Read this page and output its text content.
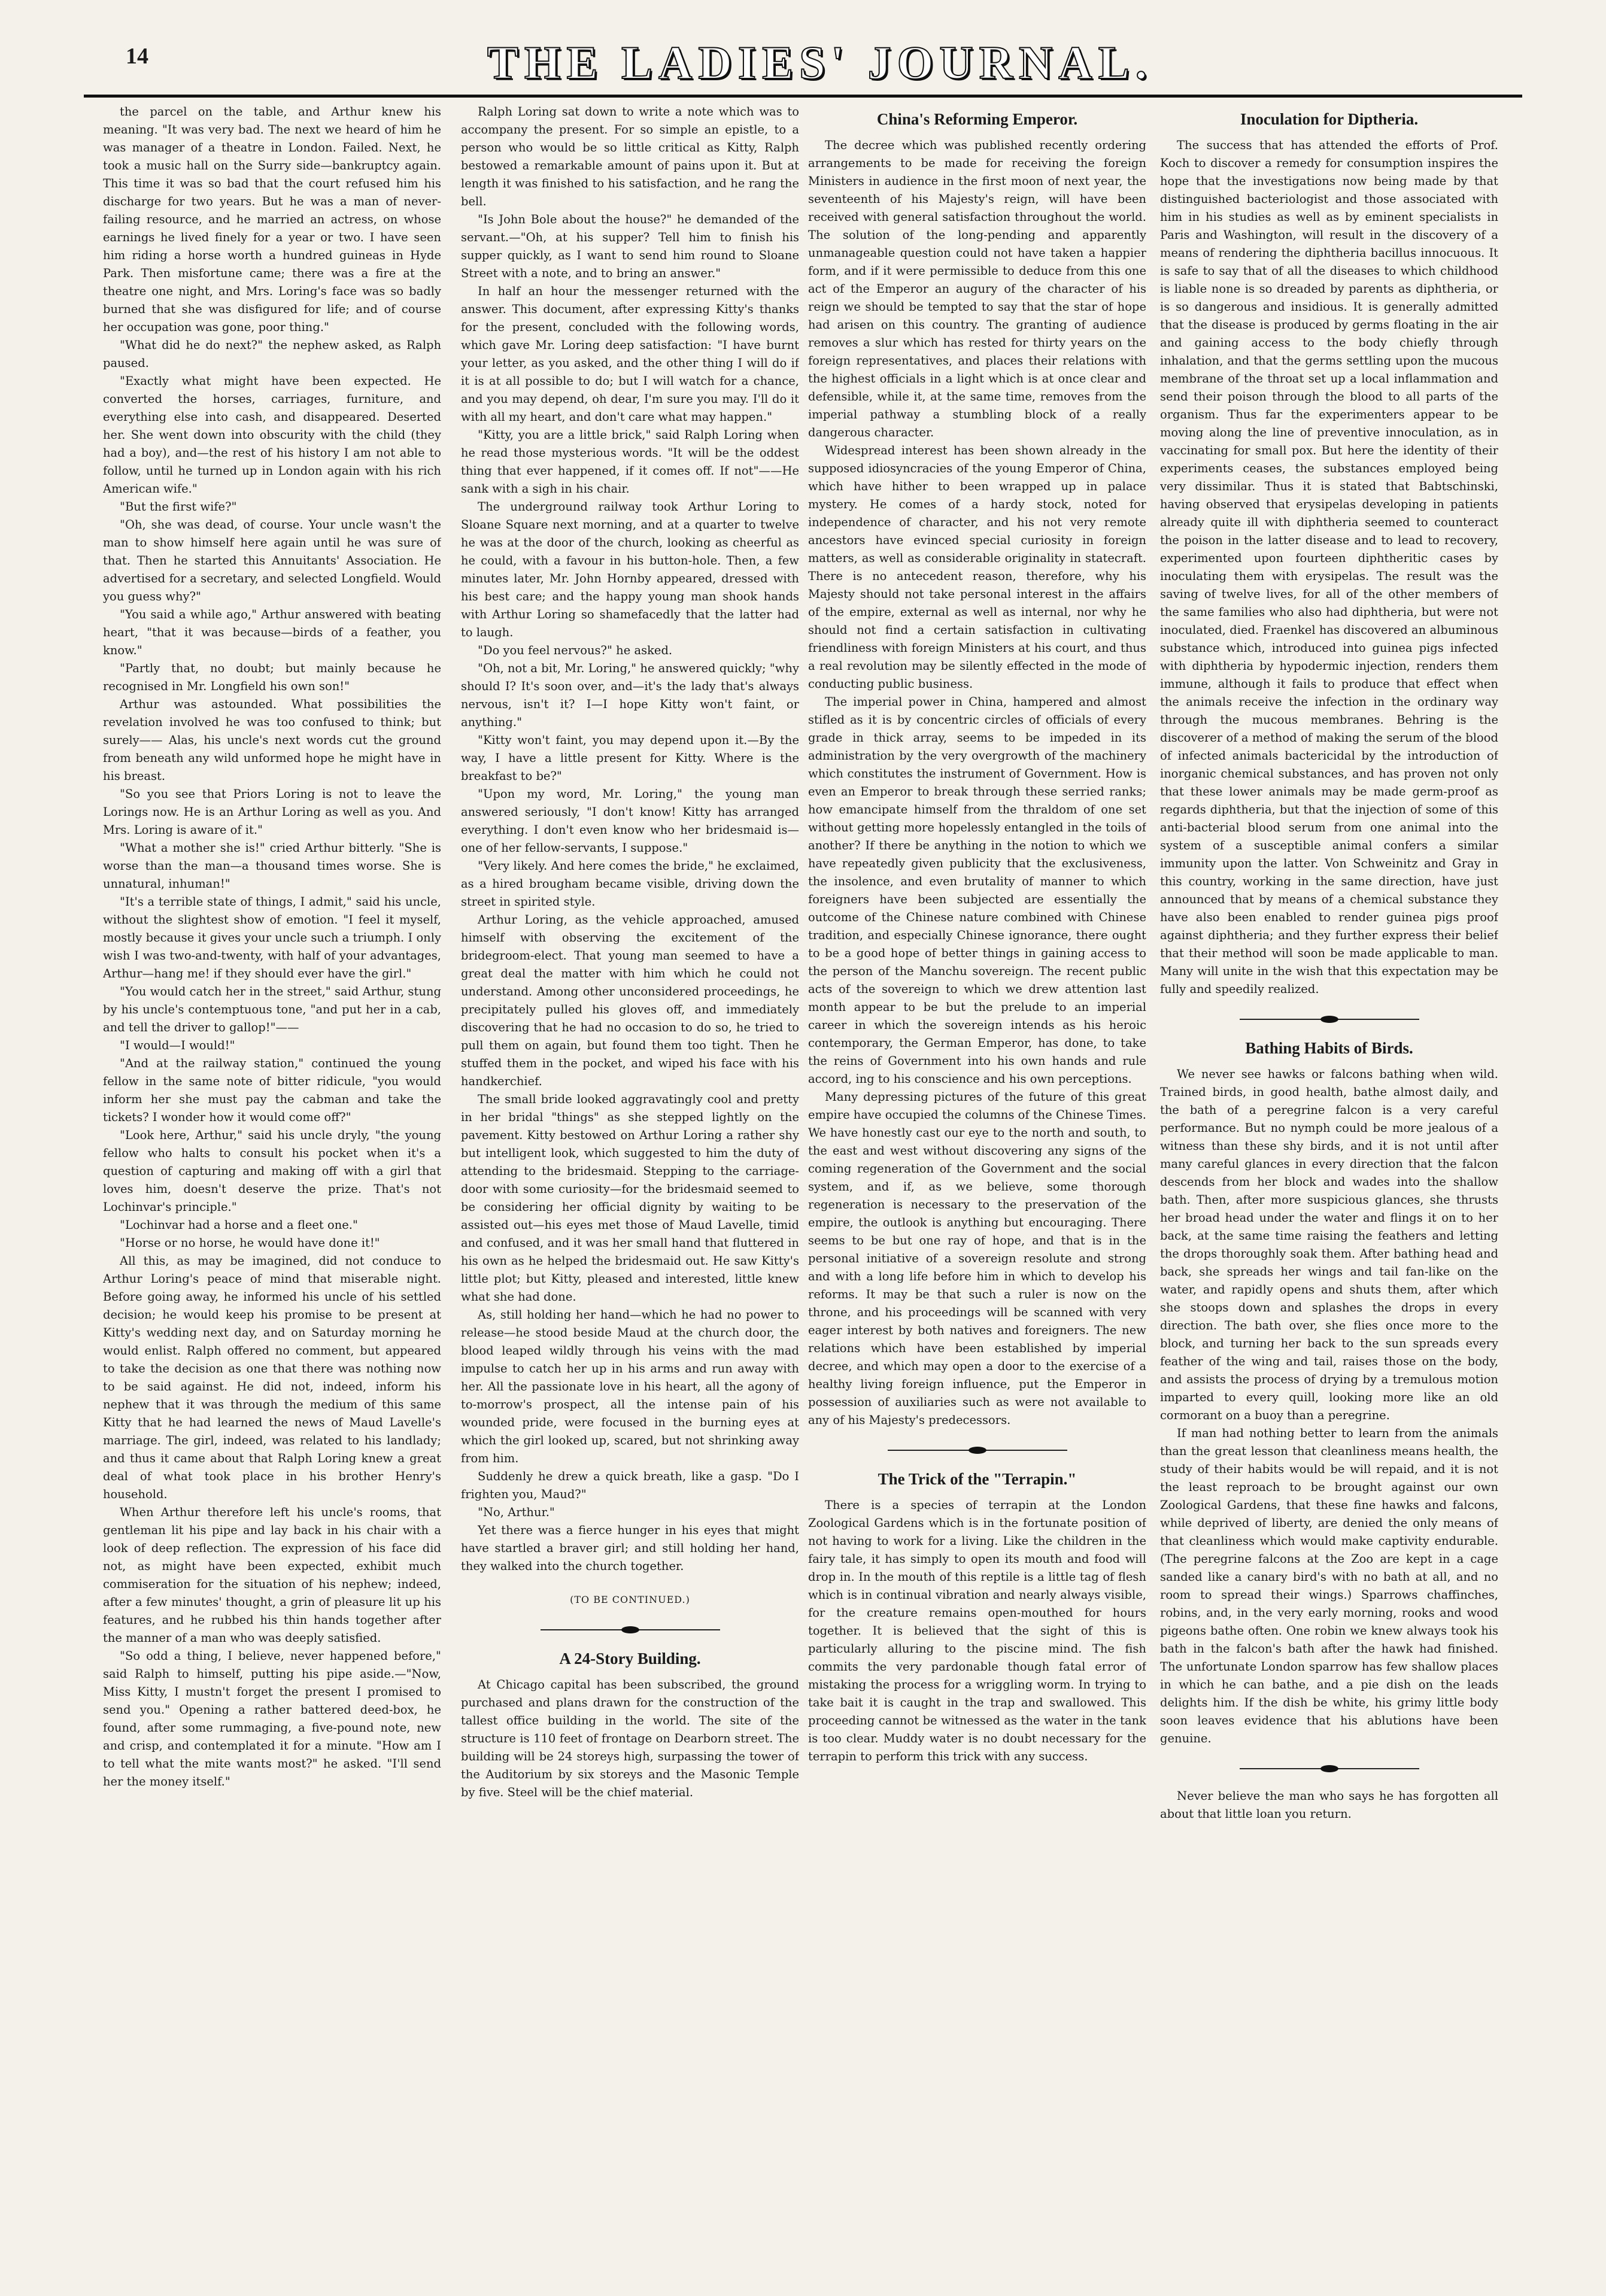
14	THE LADIES' JOURNAL.

the parcel on the table, and Arthur knew his meaning. "It was very bad. The next we heard of him he was manager of a theatre in London. Failed. Next, he took a music hall on the Surry side—bankruptcy again. This time it was so bad that the court refused him his discharge for two years. But he was a man of never-failing resource, and he married an actress, on whose earnings he lived finely for a year or two. I have seen him riding a horse worth a hundred guineas in Hyde Park. Then misfortune came; there was a fire at the theatre one night, and Mrs. Loring's face was so badly burned that she was disfigured for life; and of course her occupation was gone, poor thing."

"What did he do next?" the nephew asked, as Ralph paused.

"Exactly what might have been expected. He converted the horses, carriages, furniture, and everything else into cash, and disappeared. Deserted her. She went down into obscurity with the child (they had a boy), and—the rest of his history I am not able to follow, until he turned up in London again with his rich American wife."

"But the first wife?"

"Oh, she was dead, of course. Your uncle wasn't the man to show himself here again until he was sure of that. Then he started this Annuitants' Association. He advertised for a secretary, and selected Longfield. Would you guess why?"

"You said a while ago," Arthur answered with beating heart, "that it was because—birds of a feather, you know."

"Partly that, no doubt; but mainly because he recognised in Mr. Longfield his own son!"

Arthur was astounded. What possibilities the revelation involved he was too confused to think; but surely—— Alas, his uncle's next words cut the ground from beneath any wild unformed hope he might have in his breast.

"So you see that Priors Loring is not to leave the Lorings now. He is an Arthur Loring as well as you. And Mrs. Loring is aware of it."

"What a mother she is!" cried Arthur bitterly. "She is worse than the man—a thousand times worse. She is unnatural, inhuman!"

"It's a terrible state of things, I admit," said his uncle, without the slightest show of emotion. "I feel it myself, mostly because it gives your uncle such a triumph. I only wish I was two-and-twenty, with half of your advantages, Arthur—hang me! if they should ever have the girl."

"You would catch her in the street," said Arthur, stung by his uncle's contemptuous tone, "and put her in a cab, and tell the driver to gallop!"——

"I would—I would!"

"And at the railway station," continued the young fellow in the same note of bitter ridicule, "you would inform her she must pay the cabman and take the tickets? I wonder how it would come off?"

"Look here, Arthur," said his uncle dryly, "the young fellow who halts to consult his pocket when it's a question of capturing and making off with a girl that loves him, doesn't deserve the prize. That's not Lochinvar's principle."

"Lochinvar had a horse and a fleet one."

"Horse or no horse, he would have done it!"

All this, as may be imagined, did not conduce to Arthur Loring's peace of mind that miserable night. Before going away, he informed his uncle of his settled decision; he would keep his promise to be present at Kitty's wedding next day, and on Saturday morning he would enlist. Ralph offered no comment, but appeared to take the decision as one that there was nothing now to be said against. He did not, indeed, inform his nephew that it was through the medium of this same Kitty that he had learned the news of Maud Lavelle's marriage. The girl, indeed, was related to his landlady; and thus it came about that Ralph Loring knew a great deal of what took place in his brother Henry's household.

When Arthur therefore left his uncle's rooms, that gentleman lit his pipe and lay back in his chair with a look of deep reflection. The expression of his face did not, as might have been expected, exhibit much commiseration for the situation of his nephew; indeed, after a few minutes' thought, a grin of pleasure lit up his features, and he rubbed his thin hands together after the manner of a man who was deeply satisfied.

"So odd a thing, I believe, never happened before," said Ralph to himself, putting his pipe aside.—"Now, Miss Kitty, I mustn't forget the present I promised to send you." Opening a rather battered deed-box, he found, after some rummaging, a five-pound note, new and crisp, and contemplated it for a minute. "How am I to tell what the mite wants most?" he asked. "I'll send her the money itself."

Ralph Loring sat down to write a note which was to accompany the present. For so simple an epistle, to a person who would be so little critical as Kitty, Ralph bestowed a remarkable amount of pains upon it. But at length it was finished to his satisfaction, and he rang the bell.

"Is John Bole about the house?" he demanded of the servant.—"Oh, at his supper? Tell him to finish his supper quickly, as I want to send him round to Sloane Street with a note, and to bring an answer."

In half an hour the messenger returned with the answer. This document, after expressing Kitty's thanks for the present, concluded with the following words, which gave Mr. Loring deep satisfaction: "I have burnt your letter, as you asked, and the other thing I will do if it is at all possible to do; but I will watch for a chance, and you may depend, oh dear, I'm sure you may. I'll do it with all my heart, and don't care what may happen."

"Kitty, you are a little brick," said Ralph Loring when he read those mysterious words. "It will be the oddest thing that ever happened, if it comes off. If not"——He sank with a sigh in his chair.

The underground railway took Arthur Loring to Sloane Square next morning, and at a quarter to twelve he was at the door of the church, looking as cheerful as he could, with a favour in his button-hole. Then, a few minutes later, Mr. John Hornby appeared, dressed with his best care; and the happy young man shook hands with Arthur Loring so shamefacedly that the latter had to laugh.

"Do you feel nervous?" he asked.

"Oh, not a bit, Mr. Loring," he answered quickly; "why should I? It's soon over, and—it's the lady that's always nervous, isn't it? I—I hope Kitty won't faint, or anything."

"Kitty won't faint, you may depend upon it.—By the way, I have a little present for Kitty. Where is the breakfast to be?"

"Upon my word, Mr. Loring," the young man answered seriously, "I don't know! Kitty has arranged everything. I don't even know who her bridesmaid is—one of her fellow-servants, I suppose."

"Very likely. And here comes the bride," he exclaimed, as a hired brougham became visible, driving down the street in spirited style.

Arthur Loring, as the vehicle approached, amused himself with observing the excitement of the bridegroom-elect. That young man seemed to have a great deal the matter with him which he could not understand. Among other unconsidered proceedings, he precipitately pulled his gloves off, and immediately discovering that he had no occasion to do so, he tried to pull them on again, but found them too tight. Then he stuffed them in the pocket, and wiped his face with his handkerchief.

The small bride looked aggravatingly cool and pretty in her bridal "things" as she stepped lightly on the pavement. Kitty bestowed on Arthur Loring a rather shy but intelligent look, which suggested to him the duty of attending to the bridesmaid. Stepping to the carriage-door with some curiosity—for the bridesmaid seemed to be considering her official dignity by waiting to be assisted out—his eyes met those of Maud Lavelle, timid and confused, and it was her small hand that fluttered in his own as he helped the bridesmaid out. He saw Kitty's little plot; but Kitty, pleased and interested, little knew what she had done.

As, still holding her hand—which he had no power to release—he stood beside Maud at the church door, the blood leaped wildly through his veins with the mad impulse to catch her up in his arms and run away with her. All the passionate love in his heart, all the agony of to-morrow's prospect, all the intense pain of his wounded pride, were focused in the burning eyes at which the girl looked up, scared, but not shrinking away from him.

Suddenly he drew a quick breath, like a gasp. "Do I frighten you, Maud?"

"No, Arthur."

Yet there was a fierce hunger in his eyes that might have startled a braver girl; and still holding her hand, they walked into the church together.

(TO BE CONTINUED.)

A 24-Story Building.

At Chicago capital has been subscribed, the ground purchased and plans drawn for the construction of the tallest office building in the world. The site of the structure is 110 feet of frontage on Dearborn street. The building will be 24 storeys high, surpassing the tower of the Auditorium by six storeys and the Masonic Temple by five. Steel will be the chief material.

China's Reforming Emperor.

The decree which was published recently ordering arrangements to be made for receiving the foreign Ministers in audience in the first moon of next year, the seventeenth of his Majesty's reign, will have been received with general satisfaction throughout the world. The solution of the long-pending and apparently unmanageable question could not have taken a happier form, and if it were permissible to deduce from this one act of the Emperor an augury of the character of his reign we should be tempted to say that the star of hope had arisen on this country. The granting of audience removes a slur which has rested for thirty years on the foreign representatives, and places their relations with the highest officials in a light which is at once clear and defensible, while it, at the same time, removes from the imperial pathway a stumbling block of a really dangerous character.

Widespread interest has been shown already in the supposed idiosyncracies of the young Emperor of China, which have hither to been wrapped up in palace mystery. He comes of a hardy stock, noted for independence of character, and his not very remote ancestors have evinced special curiosity in foreign matters, as well as considerable originality in statecraft. There is no antecedent reason, therefore, why his Majesty should not take personal interest in the affairs of the empire, external as well as internal, nor why he should not find a certain satisfaction in cultivating friendliness with foreign Ministers at his court, and thus a real revolution may be silently effected in the mode of conducting public business.

The imperial power in China, hampered and almost stifled as it is by concentric circles of officials of every grade in thick array, seems to be impeded in its administration by the very overgrowth of the machinery which constitutes the instrument of Government. How is even an Emperor to break through these serried ranks; how emancipate himself from the thraldom of one set without getting more hopelessly entangled in the toils of another? If there be anything in the notion to which we have repeatedly given publicity that the exclusiveness, the insolence, and even brutality of manner to which foreigners have been subjected are essentially the outcome of the Chinese nature combined with Chinese tradition, and especially Chinese ignorance, there ought to be a good hope of better things in gaining access to the person of the Manchu sovereign. The recent public acts of the sovereign to which we drew attention last month appear to be but the prelude to an imperial career in which the sovereign intends as his heroic contemporary, the German Emperor, has done, to take the reins of Government into his own hands and rule accord, ing to his conscience and his own perceptions.

Many depressing pictures of the future of this great empire have occupied the columns of the Chinese Times. We have honestly cast our eye to the north and south, to the east and west without discovering any signs of the coming regeneration of the Government and the social system, and if, as we believe, some thorough regeneration is necessary to the preservation of the empire, the outlook is anything but encouraging. There seems to be but one ray of hope, and that is in the personal initiative of a sovereign resolute and strong and with a long life before him in which to develop his reforms. It may be that such a ruler is now on the throne, and his proceedings will be scanned with very eager interest by both natives and foreigners. The new relations which have been established by imperial decree, and which may open a door to the exercise of a healthy living foreign influence, put the Emperor in possession of auxiliaries such as were not available to any of his Majesty's predecessors.

The Trick of the "Terrapin."

There is a species of terrapin at the London Zoological Gardens which is in the fortunate position of not having to work for a living. Like the children in the fairy tale, it has simply to open its mouth and food will drop in. In the mouth of this reptile is a little tag of flesh which is in continual vibration and nearly always visible, for the creature remains open-mouthed for hours together. It is believed that the sight of this is particularly alluring to the piscine mind. The fish commits the very pardonable though fatal error of mistaking the process for a wriggling worm. In trying to take bait it is caught in the trap and swallowed. This proceeding cannot be witnessed as the water in the tank is too clear. Muddy water is no doubt necessary for the terrapin to perform this trick with any success.

Inoculation for Diptheria.

The success that has attended the efforts of Prof. Koch to discover a remedy for consumption inspires the hope that the investigations now being made by that distinguished bacteriologist and those associated with him in his studies as well as by eminent specialists in Paris and Washington, will result in the discovery of a means of rendering the diphtheria bacillus innocuous. It is safe to say that of all the diseases to which childhood is liable none is so dreaded by parents as diphtheria, or is so dangerous and insidious. It is generally admitted that the disease is produced by germs floating in the air and gaining access to the body chiefly through inhalation, and that the germs settling upon the mucous membrane of the throat set up a local inflammation and send their poison through the blood to all parts of the organism. Thus far the experimenters appear to be moving along the line of preventive innoculation, as in vaccinating for small pox. But here the identity of their experiments ceases, the substances employed being very dissimilar. Thus it is stated that Babtschinski, having observed that erysipelas developing in patients already quite ill with diphtheria seemed to counteract the poison in the latter disease and to lead to recovery, experimented upon fourteen diphtheritic cases by inoculating them with erysipelas. The result was the saving of twelve lives, for all of the other members of the same families who also had diphtheria, but were not inoculated, died. Fraenkel has discovered an albuminous substance which, introduced into guinea pigs infected with diphtheria by hypodermic injection, renders them immune, although it fails to produce that effect when the animals receive the infection in the ordinary way through the mucous membranes. Behring is the discoverer of a method of making the serum of the blood of infected animals bactericidal by the introduction of inorganic chemical substances, and has proven not only that these lower animals may be made germ-proof as regards diphtheria, but that the injection of some of this anti-bacterial blood serum from one animal into the system of a susceptible animal confers a similar immunity upon the latter. Von Schweinitz and Gray in this country, working in the same direction, have just announced that by means of a chemical substance they have also been enabled to render guinea pigs proof against diphtheria; and they further express their belief that their method will soon be made applicable to man. Many will unite in the wish that this expectation may be fully and speedily realized.

Bathing Habits of Birds.

We never see hawks or falcons bathing when wild. Trained birds, in good health, bathe almost daily, and the bath of a peregrine falcon is a very careful performance. But no nymph could be more jealous of a witness than these shy birds, and it is not until after many careful glances in every direction that the falcon descends from her block and wades into the shallow bath. Then, after more suspicious glances, she thrusts her broad head under the water and flings it on to her back, at the same time raising the feathers and letting the drops thoroughly soak them. After bathing head and back, she spreads her wings and tail fan-like on the water, and rapidly opens and shuts them, after which she stoops down and splashes the drops in every direction. The bath over, she flies once more to the block, and turning her back to the sun spreads every feather of the wing and tail, raises those on the body, and assists the process of drying by a tremulous motion imparted to every quill, looking more like an old cormorant on a buoy than a peregrine.

If man had nothing better to learn from the animals than the great lesson that cleanliness means health, the study of their habits would be will repaid, and it is not the least reproach to be brought against our own Zoological Gardens, that these fine hawks and falcons, while deprived of liberty, are denied the only means of that cleanliness which would make captivity endurable. (The peregrine falcons at the Zoo are kept in a cage sanded like a canary bird's with no bath at all, and no room to spread their wings.) Sparrows chaffinches, robins, and, in the very early morning, rooks and wood pigeons bathe often. One robin we knew always took his bath in the falcon's bath after the hawk had finished. The unfortunate London sparrow has few shallow places in which he can bathe, and a pie dish on the leads delights him. If the dish be white, his grimy little body soon leaves evidence that his ablutions have been genuine.

Never believe the man who says he has forgotten all about that little loan you return.
